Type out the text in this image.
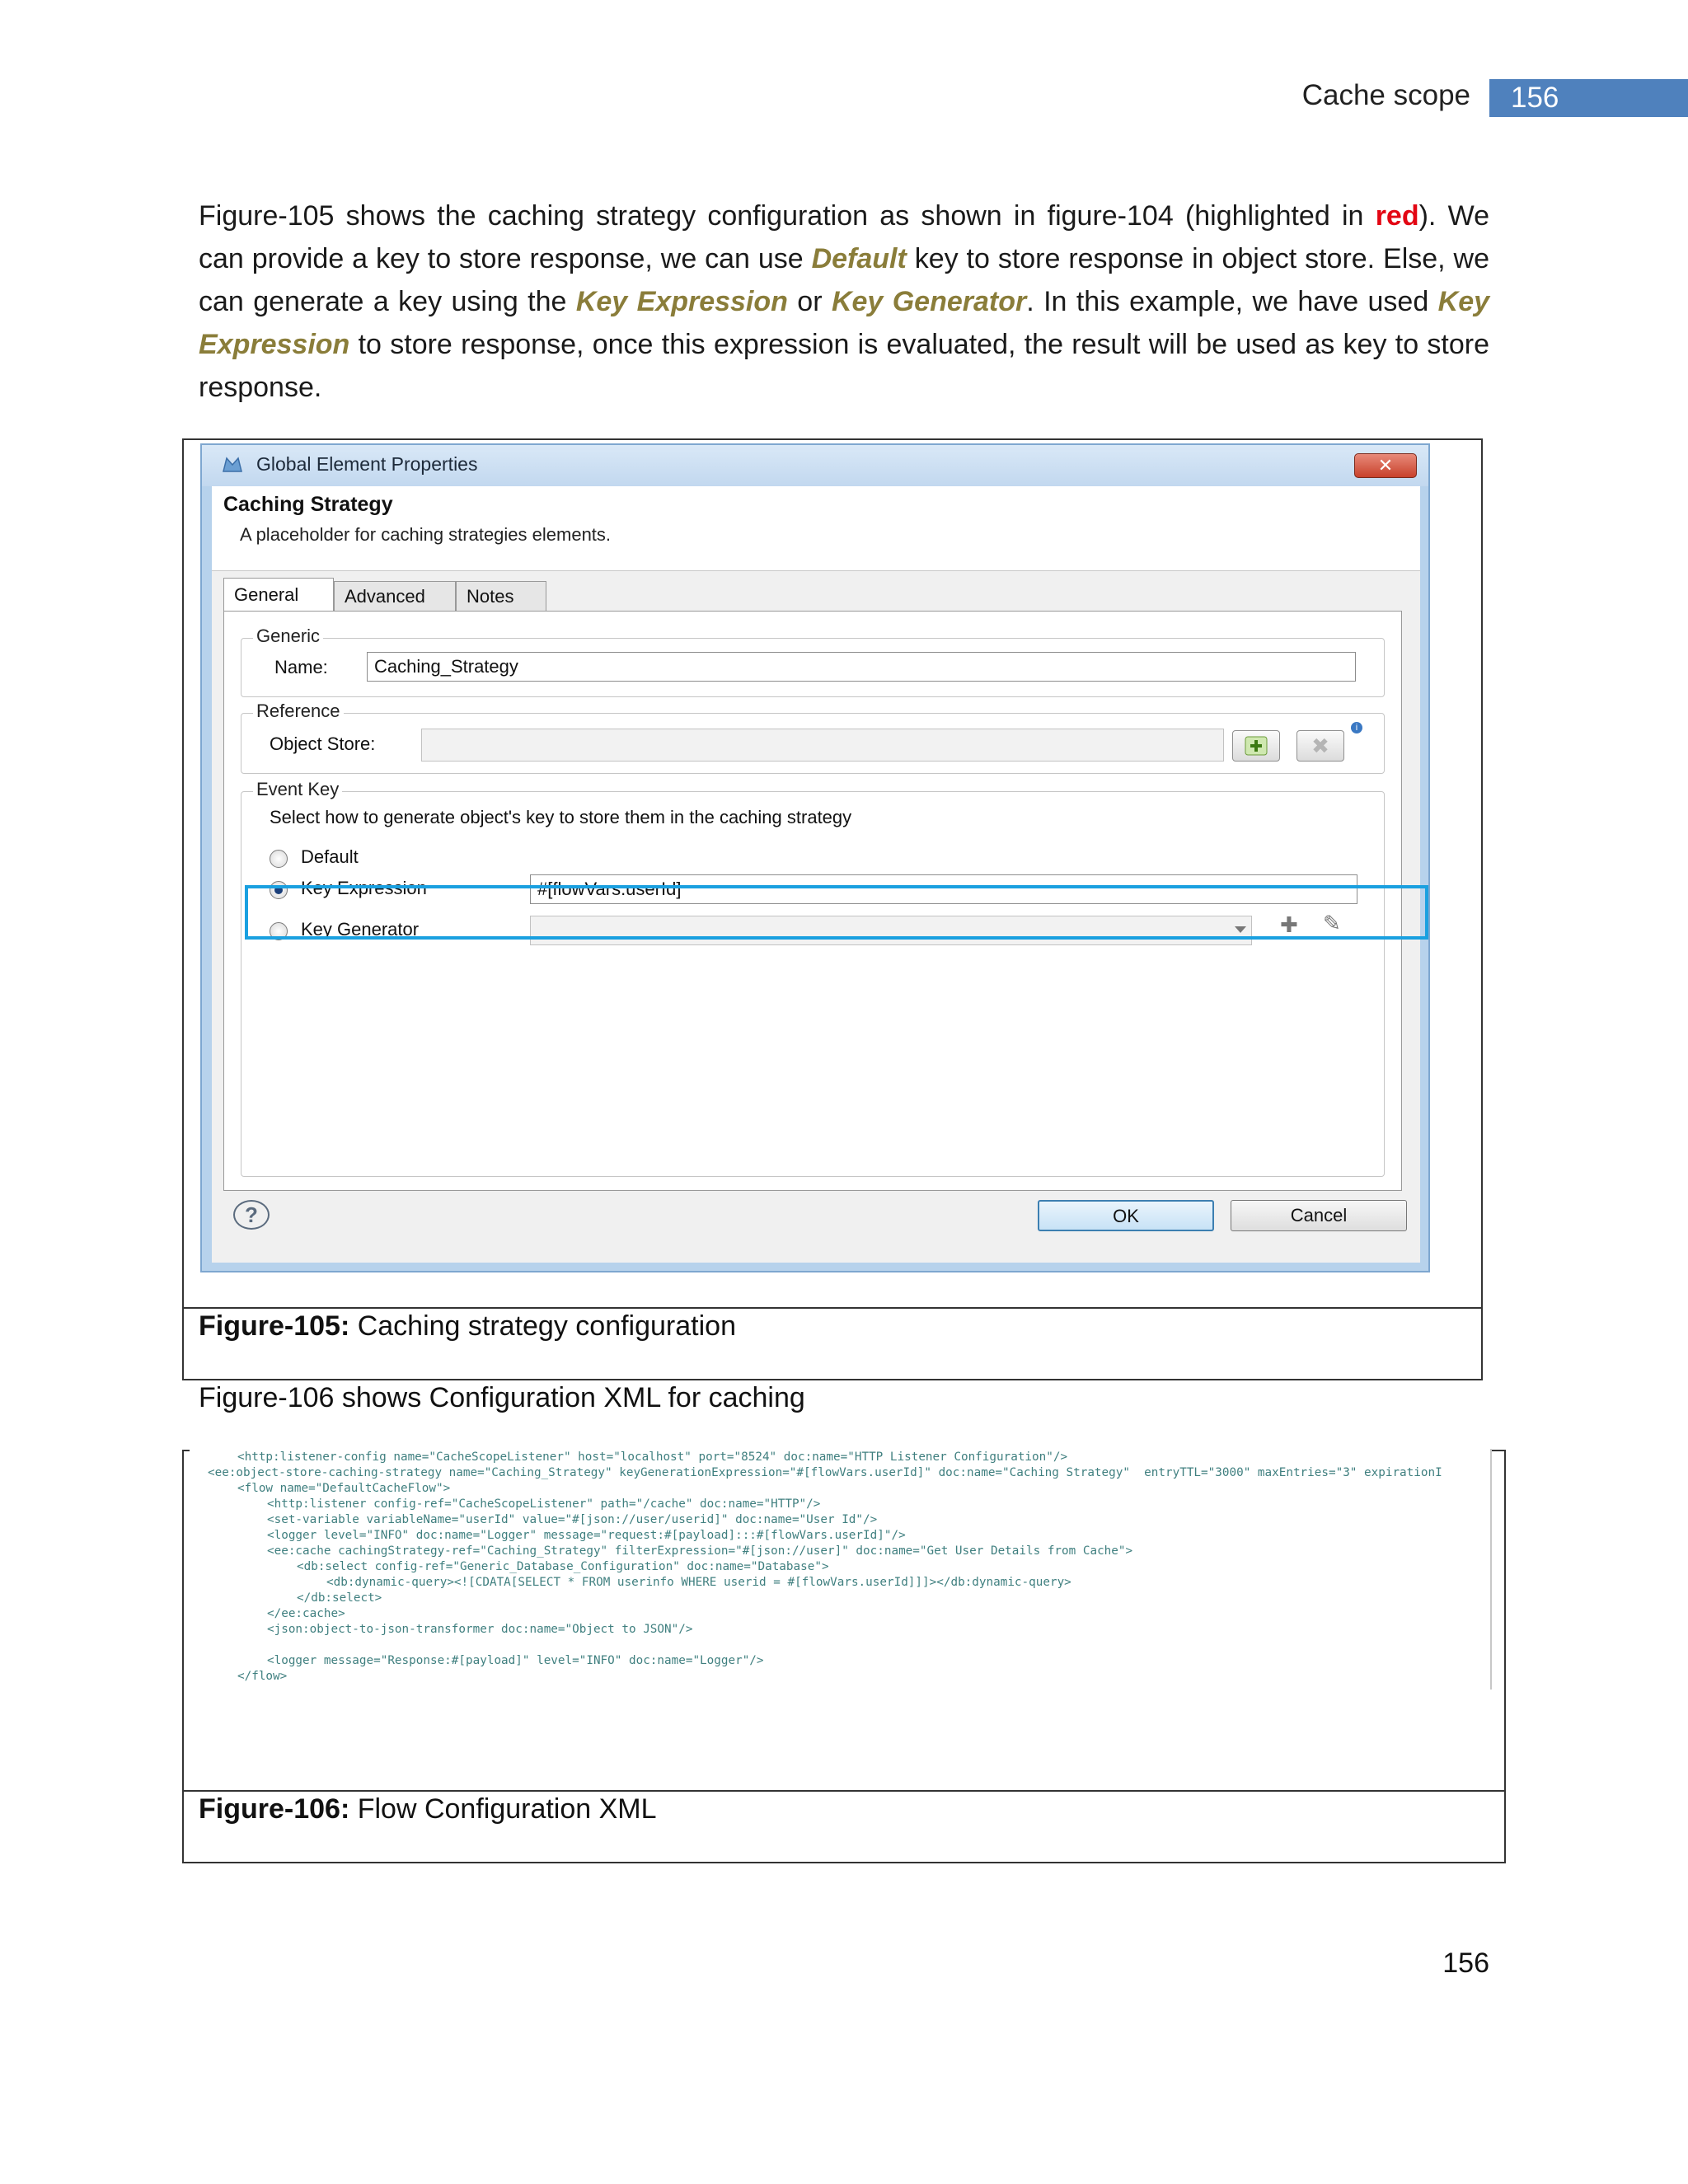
Cache scope	156
Figure-105 shows the caching strategy configuration as shown in figure-104 (highlighted in red). We can provide a key to store response, we can use Default key to store response in object store. Else, we can generate a key using the Key Expression or Key Generator. In this example, we have used Key Expression to store response, once this expression is evaluated, the result will be used as key to store response.
Global Element Properties	✕
Caching Strategy
A placeholder for caching strategies elements.
General	Advanced	Notes
Generic
Name:	Caching_Strategy
Reference
Object Store:	✖
i
Event Key
Select how to generate object's key to store them in the caching strategy
Default
Key Expression	#[flowVars.userId]
Key Generator	✚ ✎
?	OK	Cancel
Figure-105: Caching strategy configuration
Figure-106 shows Configuration XML for caching
<http:listener-config name="CacheScopeListener" host="localhost" port="8524" doc:name="HTTP Listener Configuration"/>
<ee:object-store-caching-strategy name="Caching_Strategy" keyGenerationExpression="#[flowVars.userId]" doc:name="Caching Strategy"  entryTTL="3000" maxEntries="3" expirationI
<flow name="DefaultCacheFlow">
<http:listener config-ref="CacheScopeListener" path="/cache" doc:name="HTTP"/>
<set-variable variableName="userId" value="#[json://user/userid]" doc:name="User Id"/>
<logger level="INFO" doc:name="Logger" message="request:#[payload]:::#[flowVars.userId]"/>
<ee:cache cachingStrategy-ref="Caching_Strategy" filterExpression="#[json://user]" doc:name="Get User Details from Cache">
<db:select config-ref="Generic_Database_Configuration" doc:name="Database">
<db:dynamic-query><![CDATA[SELECT * FROM userinfo WHERE userid = #[flowVars.userId]]]></db:dynamic-query>
</db:select>
</ee:cache>
<json:object-to-json-transformer doc:name="Object to JSON"/>
<logger message="Response:#[payload]" level="INFO" doc:name="Logger"/>
</flow>
Figure-106: Flow Configuration XML
156
